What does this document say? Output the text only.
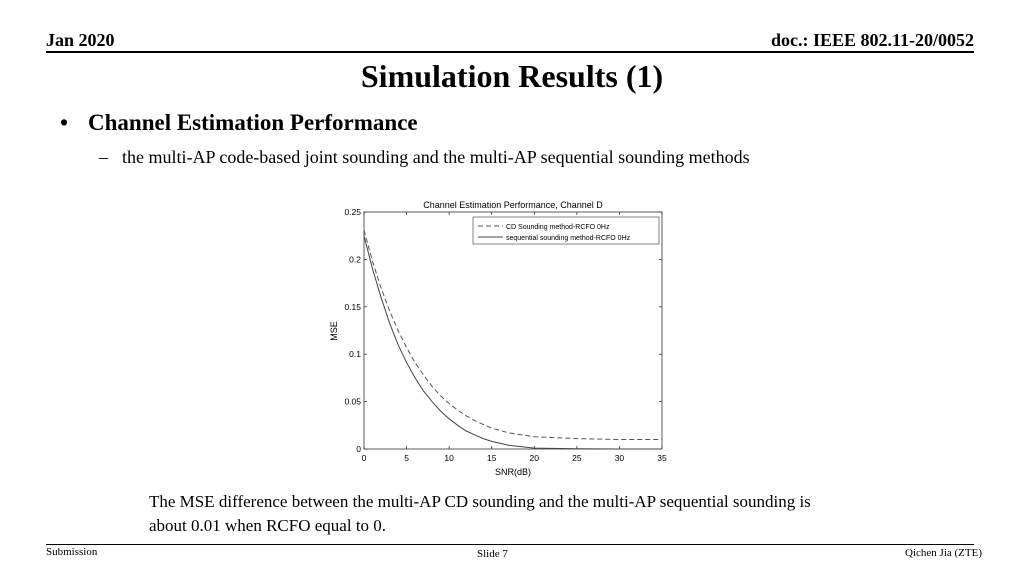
Jan 2020	doc.: IEEE 802.11-20/0052
Simulation Results (1)
• Channel Estimation Performance
– the multi-AP code-based joint sounding and the multi-AP sequential sounding methods
Channel Estimation Performance, Channel D
0	5	10	15	20	25	30	35
0
0.05
0.1
0.15
0.2
0.25
CD Sounding method-RCFO 0Hz
sequential sounding method-RCFO 0Hz
SNR(dB)
MSE
The MSE difference between the multi-AP CD sounding and the multi-AP sequential sounding is
about 0.01 when RCFO equal to 0.
Submission	Slide 7	Qichen Jia (ZTE)
